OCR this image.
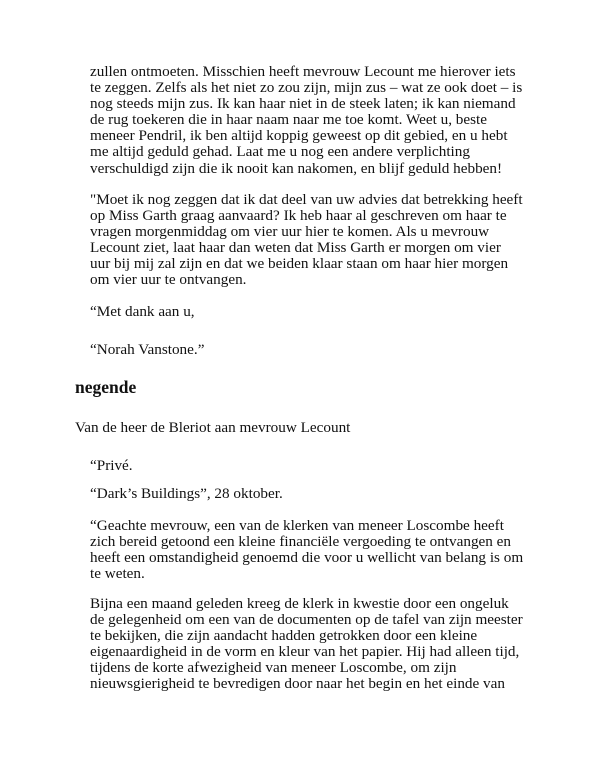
zullen ontmoeten. Misschien heeft mevrouw Lecount me hierover iets
te zeggen. Zelfs als het niet zo zou zijn, mijn zus – wat ze ook doet – is
nog steeds mijn zus. Ik kan haar niet in de steek laten; ik kan niemand
de rug toekeren die in haar naam naar me toe komt. Weet u, beste
meneer Pendril, ik ben altijd koppig geweest op dit gebied, en u hebt
me altijd geduld gehad. Laat me u nog een andere verplichting
verschuldigd zijn die ik nooit kan nakomen, en blijf geduld hebben!

"Moet ik nog zeggen dat ik dat deel van uw advies dat betrekking heeft
op Miss Garth graag aanvaard? Ik heb haar al geschreven om haar te
vragen morgenmiddag om vier uur hier te komen. Als u mevrouw
Lecount ziet, laat haar dan weten dat Miss Garth er morgen om vier
uur bij mij zal zijn en dat we beiden klaar staan om haar hier morgen
om vier uur te ontvangen.

“Met dank aan u,

“Norah Vanstone.”

negende

Van de heer de Bleriot aan mevrouw Lecount

“Privé.

“Dark’s Buildings”, 28 oktober.

“Geachte mevrouw, een van de klerken van meneer Loscombe heeft
zich bereid getoond een kleine financiële vergoeding te ontvangen en
heeft een omstandigheid genoemd die voor u wellicht van belang is om
te weten.

Bijna een maand geleden kreeg de klerk in kwestie door een ongeluk
de gelegenheid om een van de documenten op de tafel van zijn meester
te bekijken, die zijn aandacht hadden getrokken door een kleine
eigenaardigheid in de vorm en kleur van het papier. Hij had alleen tijd,
tijdens de korte afwezigheid van meneer Loscombe, om zijn
nieuwsgierigheid te bevredigen door naar het begin en het einde van
